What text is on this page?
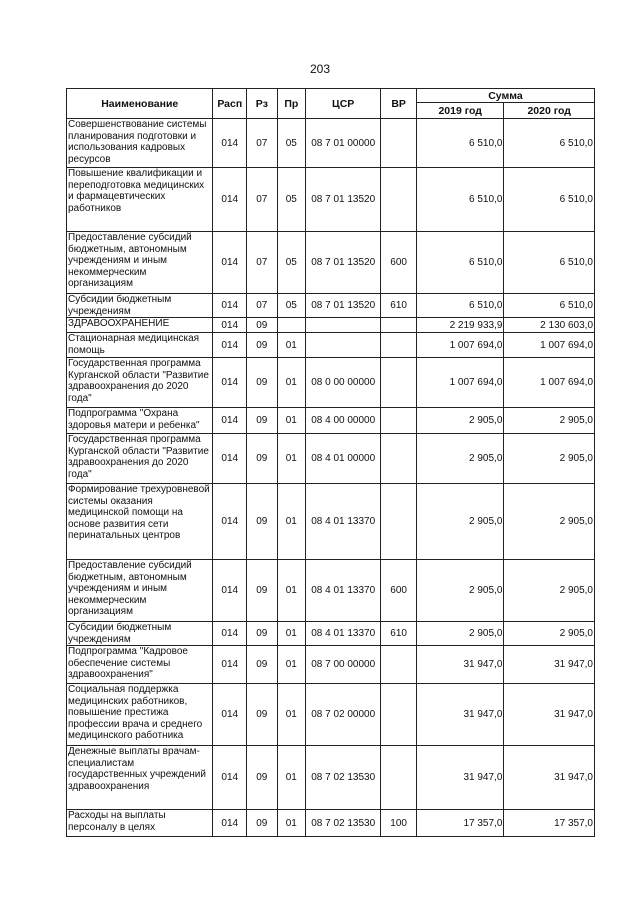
203
Наименование	Расп	Рз	Пр	ЦСР	ВР	Сумма	
						2019 год	2020 год
Совершенствование системы планирования подготовки и использования кадровых ресурсов	014	07	05	08 7 01 00000		6 510,0	6 510,0
Повышение квалификации и переподготовка медицинских и фармацевтических работников	014	07	05	08 7 01 13520		6 510,0	6 510,0
Предоставление субсидий бюджетным, автономным учреждениям и иным некоммерческим организациям	014	07	05	08 7 01 13520	600	6 510,0	6 510,0
Субсидии бюджетным учреждениям	014	07	05	08 7 01 13520	610	6 510,0	6 510,0
ЗДРАВООХРАНЕНИЕ	014	09				2 219 933,9	2 130 603,0
Стационарная медицинская помощь	014	09	01			1 007 694,0	1 007 694,0
Государственная программа Курганской области "Развитие здравоохранения до 2020 года"	014	09	01	08 0 00 00000		1 007 694,0	1 007 694,0
Подпрограмма "Охрана здоровья матери и ребенка"	014	09	01	08 4 00 00000		2 905,0	2 905,0
Государственная программа Курганской области "Развитие здравоохранения до 2020 года"	014	09	01	08 4 01 00000		2 905,0	2 905,0
Формирование трехуровневой системы оказания медицинской помощи на основе развития сети перинатальных центров	014	09	01	08 4 01 13370		2 905,0	2 905,0
Предоставление субсидий бюджетным, автономным учреждениям и иным некоммерческим организациям	014	09	01	08 4 01 13370	600	2 905,0	2 905,0
Субсидии бюджетным учреждениям	014	09	01	08 4 01 13370	610	2 905,0	2 905,0
Подпрограмма "Кадровое обеспечение системы здравоохранения"	014	09	01	08 7 00 00000		31 947,0	31 947,0
Социальная поддержка медицинских работников, повышение престижа профессии врача и среднего медицинского работника	014	09	01	08 7 02 00000		31 947,0	31 947,0
Денежные выплаты врачам-специалистам государственных учреждений здравоохранения	014	09	01	08 7 02 13530		31 947,0	31 947,0
Расходы на выплаты персоналу в целях	014	09	01	08 7 02 13530	100	17 357,0	17 357,0
